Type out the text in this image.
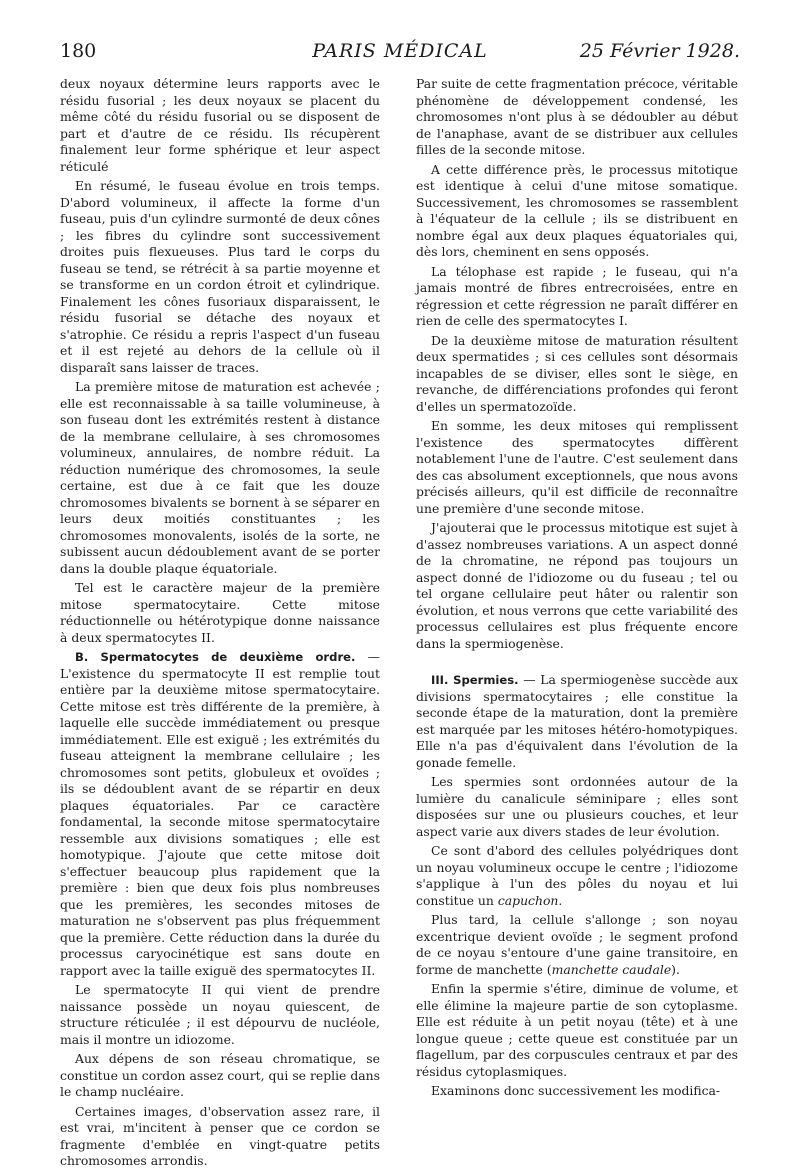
180	PARIS MÉDICAL	25 Février 1928.

deux noyaux détermine leurs rapports avec le résidu fusorial ; les deux noyaux se placent du même côté du résidu fusorial ou se disposent de part et d'autre de ce résidu. Ils récupèrent finalement leur forme sphérique et leur aspect réticulé

En résumé, le fuseau évolue en trois temps. D'abord volumineux, il affecte la forme d'un fuseau, puis d'un cylindre surmonté de deux cônes ; les fibres du cylindre sont successivement droites puis flexueuses. Plus tard le corps du fuseau se tend, se rétrécit à sa partie moyenne et se transforme en un cordon étroit et cylindrique. Finalement les cônes fusoriaux disparaissent, le résidu fusorial se détache des noyaux et s'atrophie. Ce résidu a repris l'aspect d'un fuseau et il est rejeté au dehors de la cellule où il disparaît sans laisser de traces.

La première mitose de maturation est achevée ; elle est reconnaissable à sa taille volumineuse, à son fuseau dont les extrémités restent à distance de la membrane cellulaire, à ses chromosomes volumineux, annulaires, de nombre réduit. La réduction numérique des chromosomes, la seule certaine, est due à ce fait que les douze chromosomes bivalents se bornent à se séparer en leurs deux moitiés constituantes ; les chromosomes monovalents, isolés de la sorte, ne subissent aucun dédoublement avant de se porter dans la double plaque équatoriale.

Tel est le caractère majeur de la première mitose spermatocytaire. Cette mitose réductionnelle ou hétérotypique donne naissance à deux spermatocytes II.

B. Spermatocytes de deuxième ordre. — L'existence du spermatocyte II est remplie tout entière par la deuxième mitose spermatocytaire. Cette mitose est très différente de la première, à laquelle elle succède immédiatement ou presque immédiatement. Elle est exiguë ; les extrémités du fuseau atteignent la membrane cellulaire ; les chromosomes sont petits, globuleux et ovoïdes ; ils se dédoublent avant de se répartir en deux plaques équatoriales. Par ce caractère fondamental, la seconde mitose spermatocytaire ressemble aux divisions somatiques ; elle est homotypique. J'ajoute que cette mitose doit s'effectuer beaucoup plus rapidement que la première : bien que deux fois plus nombreuses que les premières, les secondes mitoses de maturation ne s'observent pas plus fréquemment que la première. Cette réduction dans la durée du processus caryocinétique est sans doute en rapport avec la taille exiguë des spermatocytes II.

Le spermatocyte II qui vient de prendre naissance possède un noyau quiescent, de structure réticulée ; il est dépourvu de nucléole, mais il montre un idiozome.

Aux dépens de son réseau chromatique, se constitue un cordon assez court, qui se replie dans le champ nucléaire.

Certaines images, d'observation assez rare, il est vrai, m'incitent à penser que ce cordon se fragmente d'emblée en vingt-quatre petits chromosomes arrondis.

Par suite de cette fragmentation précoce, véritable phénomène de développement condensé, les chromosomes n'ont plus à se dédoubler au début de l'anaphase, avant de se distribuer aux cellules filles de la seconde mitose.

A cette différence près, le processus mitotique est identique à celui d'une mitose somatique. Successivement, les chromosomes se rassemblent à l'équateur de la cellule ; ils se distribuent en nombre égal aux deux plaques équatoriales qui, dès lors, cheminent en sens opposés.

La télophase est rapide ; le fuseau, qui n'a jamais montré de fibres entrecroisées, entre en régression et cette régression ne paraît différer en rien de celle des spermatocytes I.

De la deuxième mitose de maturation résultent deux spermatides ; si ces cellules sont désormais incapables de se diviser, elles sont le siège, en revanche, de différenciations profondes qui feront d'elles un spermatozoïde.

En somme, les deux mitoses qui remplissent l'existence des spermatocytes diffèrent notablement l'une de l'autre. C'est seulement dans des cas absolument exceptionnels, que nous avons précisés ailleurs, qu'il est difficile de reconnaître une première d'une seconde mitose.

J'ajouterai que le processus mitotique est sujet à d'assez nombreuses variations. A un aspect donné de la chromatine, ne répond pas toujours un aspect donné de l'idiozome ou du fuseau ; tel ou tel organe cellulaire peut hâter ou ralentir son évolution, et nous verrons que cette variabilité des processus cellulaires est plus fréquente encore dans la spermiogenèse.

III. Spermies. — La spermiogenèse succède aux divisions spermatocytaires ; elle constitue la seconde étape de la maturation, dont la première est marquée par les mitoses hétéro-homotypiques. Elle n'a pas d'équivalent dans l'évolution de la gonade femelle.

Les spermies sont ordonnées autour de la lumière du canalicule séminipare ; elles sont disposées sur une ou plusieurs couches, et leur aspect varie aux divers stades de leur évolution.

Ce sont d'abord des cellules polyédriques dont un noyau volumineux occupe le centre ; l'idiozome s'applique à l'un des pôles du noyau et lui constitue un capuchon.

Plus tard, la cellule s'allonge ; son noyau excentrique devient ovoïde ; le segment profond de ce noyau s'entoure d'une gaine transitoire, en forme de manchette (manchette caudale).

Enfin la spermie s'étire, diminue de volume, et elle élimine la majeure partie de son cytoplasme. Elle est réduite à un petit noyau (tête) et à une longue queue ; cette queue est constituée par un flagellum, par des corpuscules centraux et par des résidus cytoplasmiques.

Examinons donc successivement les modifica-
